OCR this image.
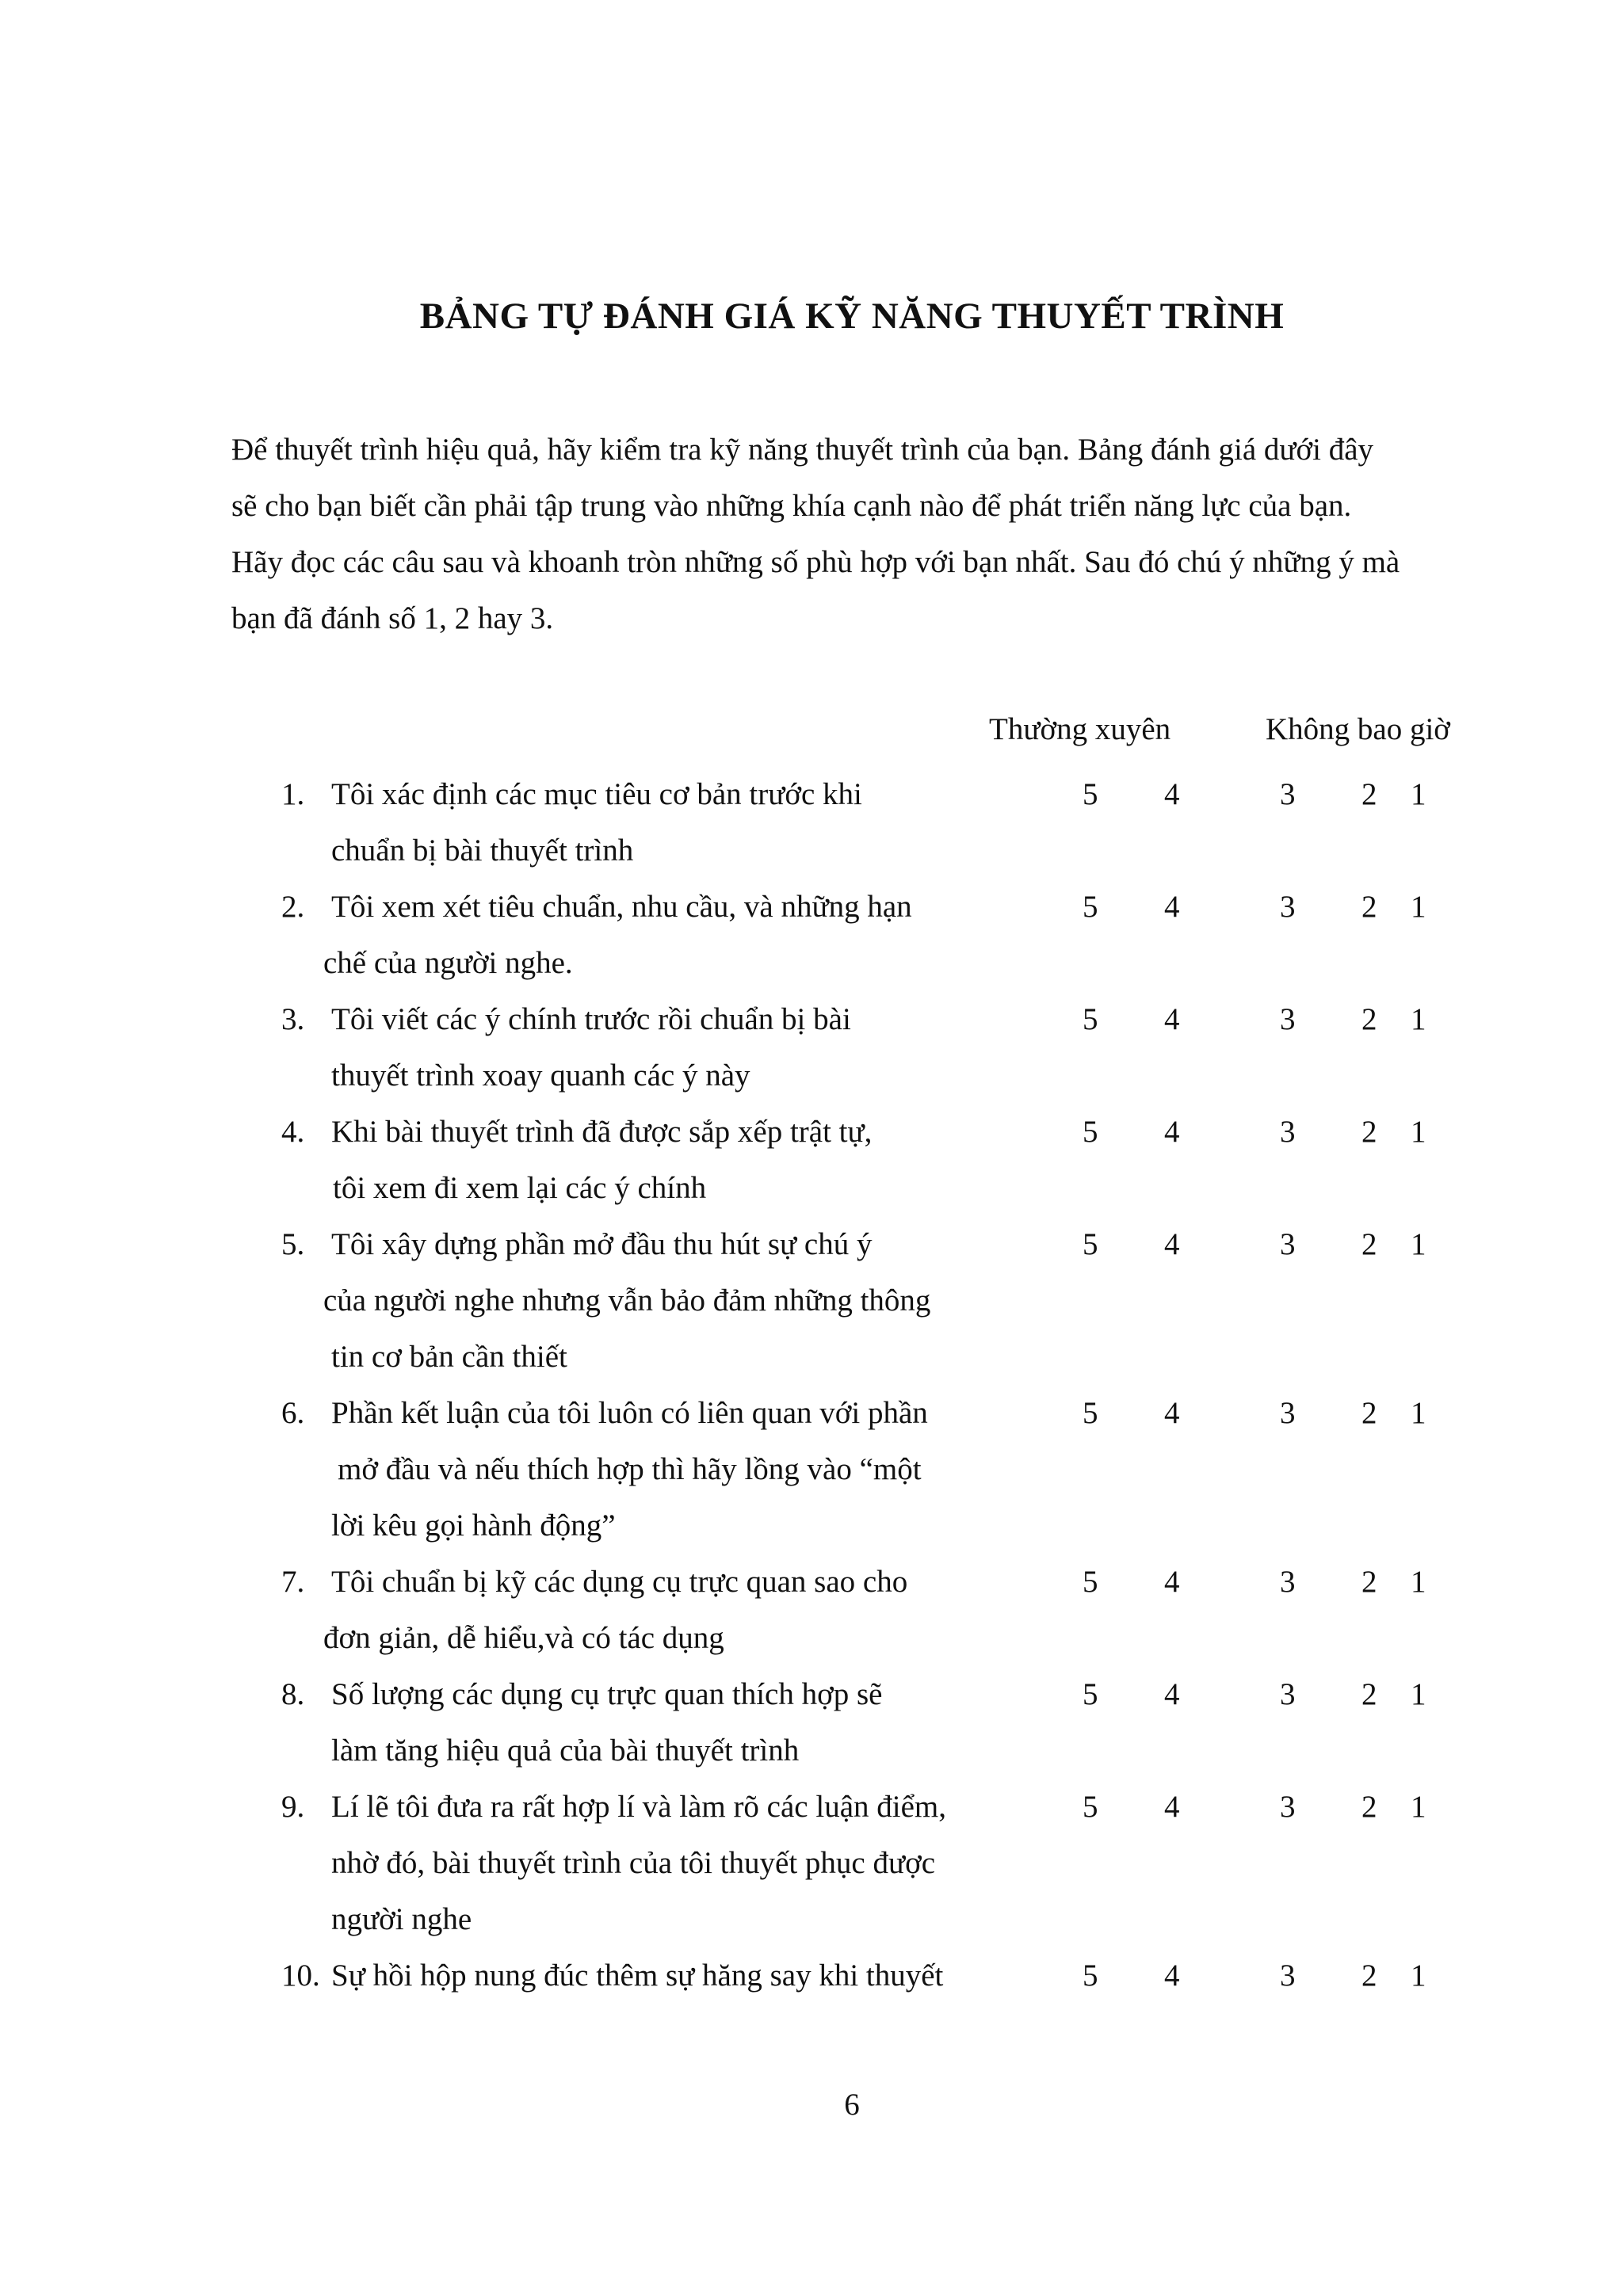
BẢNG TỰ ĐÁNH GIÁ KỸ NĂNG THUYẾT TRÌNH
Để thuyết trình hiệu quả, hãy kiểm tra kỹ năng thuyết trình của bạn. Bảng đánh giá dưới đây
sẽ cho bạn biết cần phải tập trung vào những khía cạnh nào để phát triển năng lực của bạn.
Hãy đọc các câu sau và khoanh tròn những số phù hợp với bạn nhất. Sau đó chú ý những ý mà
bạn đã đánh số 1, 2 hay 3.
Thường xuyên	Không bao giờ
1. Tôi xác định các mục tiêu cơ bản trước khi
chuẩn bị bài thuyết trình
5 4	3 2 1
2. Tôi xem xét tiêu chuẩn, nhu cầu, và những hạn
chế của người nghe.
5 4	3 2 1
3. Tôi viết các ý chính trước rồi chuẩn bị bài
thuyết trình xoay quanh các ý này
5 4	3 2 1
4. Khi bài thuyết trình đã được sắp xếp trật tự,
tôi xem đi xem lại các ý chính
5 4	3 2 1
5. Tôi xây dựng phần mở đầu thu hút sự chú ý
của người nghe nhưng vẫn bảo đảm những thông
tin cơ bản cần thiết
5 4	3 2 1
6. Phần kết luận của tôi luôn có liên quan với phần
mở đầu và nếu thích hợp thì hãy lồng vào “một
lời kêu gọi hành động”
5 4	3 2 1
7. Tôi chuẩn bị kỹ các dụng cụ trực quan sao cho
đơn giản, dễ hiểu,và có tác dụng
5 4	3 2 1
8. Số lượng các dụng cụ trực quan thích hợp sẽ
làm tăng hiệu quả của bài thuyết trình
5 4	3 2 1
9. Lí lẽ tôi đưa ra rất hợp lí và làm rõ các luận điểm,
nhờ đó, bài thuyết trình của tôi thuyết phục được
người nghe
5 4	3 2 1
10. Sự hồi hộp nung đúc thêm sự hăng say khi thuyết	5 4	3 2 1
6
